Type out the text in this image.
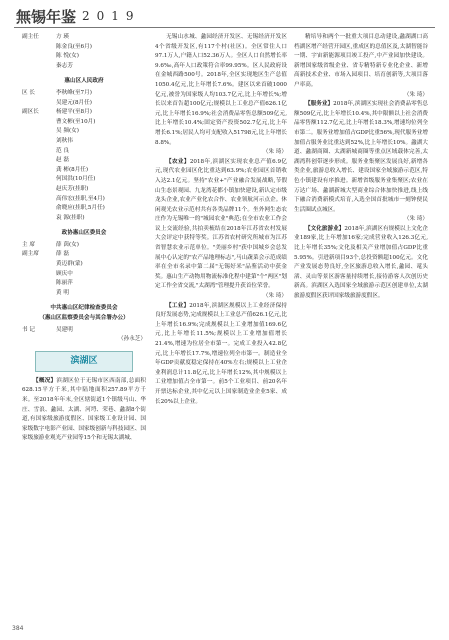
無锡年鉴 2019
副主任	方 瑛
陈金良(至6月)
陈 悦(女)
秦志芳
惠山区人民政府
区 长	李秋峰(至7月)
吴建元(8月任)
副区长	杨建平(至8月)
曹文彬(至10月)
吴 频(女)
刘秋伟
范 良
赵 磊
龚 彬(8月任)
何国洪(10月任)
赵庆芳(挂职)
高伟宏(挂职,至4月)
俞晓应(挂职,5月任)
袁 源(挂职)
政协惠山区委员会
主 席	薛 茵(女)
副主席	薛 磊
黄迈群(蒙)
顾庆中
陈丽萍
黄 明
中共惠山区纪律检查委员会
（惠山区监察委员会与其合署办公）
书 记	吴建明

（孙永芝）

滨湖区

【概况】滨湖区位于无锡市区西南部,总面积628.15平方千米,其中陆地面积257.89平方千米。至2018年年末,全区辖街道1个镇级马山、华庄、雪浪、蠡园、太湖、河埒、荣巷、蠡湖8个街道,有国家级旅游度假区、国家级工业设计园、国家级数字电影产业园、国家级创新与科技园区、国家级旅游业观光产业园等15个和无锡太湖城、

无锡山水城、蠡园经济开发区、无锡经济开发区4个省级开发区,有117个村(社区)。全区常住人口97.1万人,户籍人口52.36万人。全区人口自然增长率9.6‰,高年人口政策符合率99.95%。区人民政府设在金城西路500号。2018年,全区实现地区生产总值1050.4亿元,比上年增长7.6%。建区以来首破1000亿元,被誉为国家级人均103.7亿元,比上年增长%;增长以来首告超100亿元;规模以上工业总产值626.1亿元,比上年增长16.9%;社会消费品零售总额509亿元,比上年增长10.4%;固定资产投资502.7亿元,比上年增长6.1%;居民人均可支配收入51798元,比上年增长8.8%。

（朱 琦）

【农业】2018年,滨湖区实现农业总产值6.9亿元,现代农业园区化比重达到63.9%;农业园区首销收入达2.1亿元。坚持"农业+"产业融合发展战略,节假山生态景观园、九龙湾花都小镇加快建设,新认定市级龙头企业,农业产业化农合作、农业领航河示点企。休闲观光农业示范村共有各类品牌11个。坐外网生态农庄作为无锡唯一的"城园农业"典范;在全市农业工作会议上交流经验,共拍卖梳结在2018年江苏省农村发展大会评定中获特等奖。江苏省农村研究所城市为江苏省智慧农业示范单位。"美丽乡村"获中国城乡会总发展中心认定的"农产品地理标志",马山蔬菜会示范成绩率在全市名录中第二届"无锡好米"品鉴活动中获金奖。惠山生产动物用物流标准化程中建第"个"两区"划定工作全省交流,"太湖湾"管理提升获首位荣誉。

（朱 琦）

【工业】2018年,滨湖区规模以上工业经济保持良好发展态势,完成规模以上工业总产值626.1亿元,比上年增长16.9%;完成规模以上工业增加值169.6亿元,比上年增长11.5%;规模以上工业增加值增长21.4%,增速为位居全市第一。完成工业投入42.8亿元,比上年增长17.7%,增速位列全市第一。制造业全年GDP贡献度稳定保持在40%左右;规模以上工业企业利润总计11.8亿元,比上年增长12%,其中规模以上工业增加值占全市第一。前5个工业项目、前20名年开票达标企业,其中亿元以上国家制造业企业5家、成长20%以上企业。

精培导和两个一批重大项目总动建设,蠡湖湖口高档湖区增产经营开园区,重成区的总值区及,太湖智能谷一期、宇宙新能源项目竣工投产,中产业园加快建设。新增国家级省级企业、省专精特新专业化企业、新增高新技术企业、市场入园项目、培育创新等,大项目落户率高。

（朱 琦）

【服务业】2018年,滨湖区实现社会消费品零售总额509亿元,比上年增长10.4%,其中限额以上社会消费品零售额112.7亿元,比上年增长18.3%,增速均位列全市第二。服务业增加值占GDP比重56%,现代服务业增加值占服务业比重达到52%,比上年增长10%。蠡湖大道、蠡湖商圈、太湖新城商圈等重点区域载体完善,太湖湾科创带逐步形成。服务业集聚区发展良好,新增各类企业,旅游总收入增长、建设国家全域旅游示范区,特色小镇建设有序推进。新增省级服务业集聚区;农业在万达广场、蠡湖新城大型商业综合体加快推进,线上线下融合消费新模式培育,入选全国首批城市一刻钟便民生活圈试点城区。

（朱 琦）

【文化旅游业】2018年,滨湖区有规模以上文化企业189家,比上年增加16家;完成营业收入126.3亿元,比上年增长35%;文化及相关产业增加值占GDP比重5.95%。引进新项目93个,总投资额超100亿元。文化产业发展态势良好,全区旅游总收入增长,蠡园、鼋头渚、灵山等景区游客量持续增长,接待游客人次创历史新高。滨湖区入选国家全域旅游示范区创建单位,太湖旅游度假区获评国家级旅游度假区。

384
